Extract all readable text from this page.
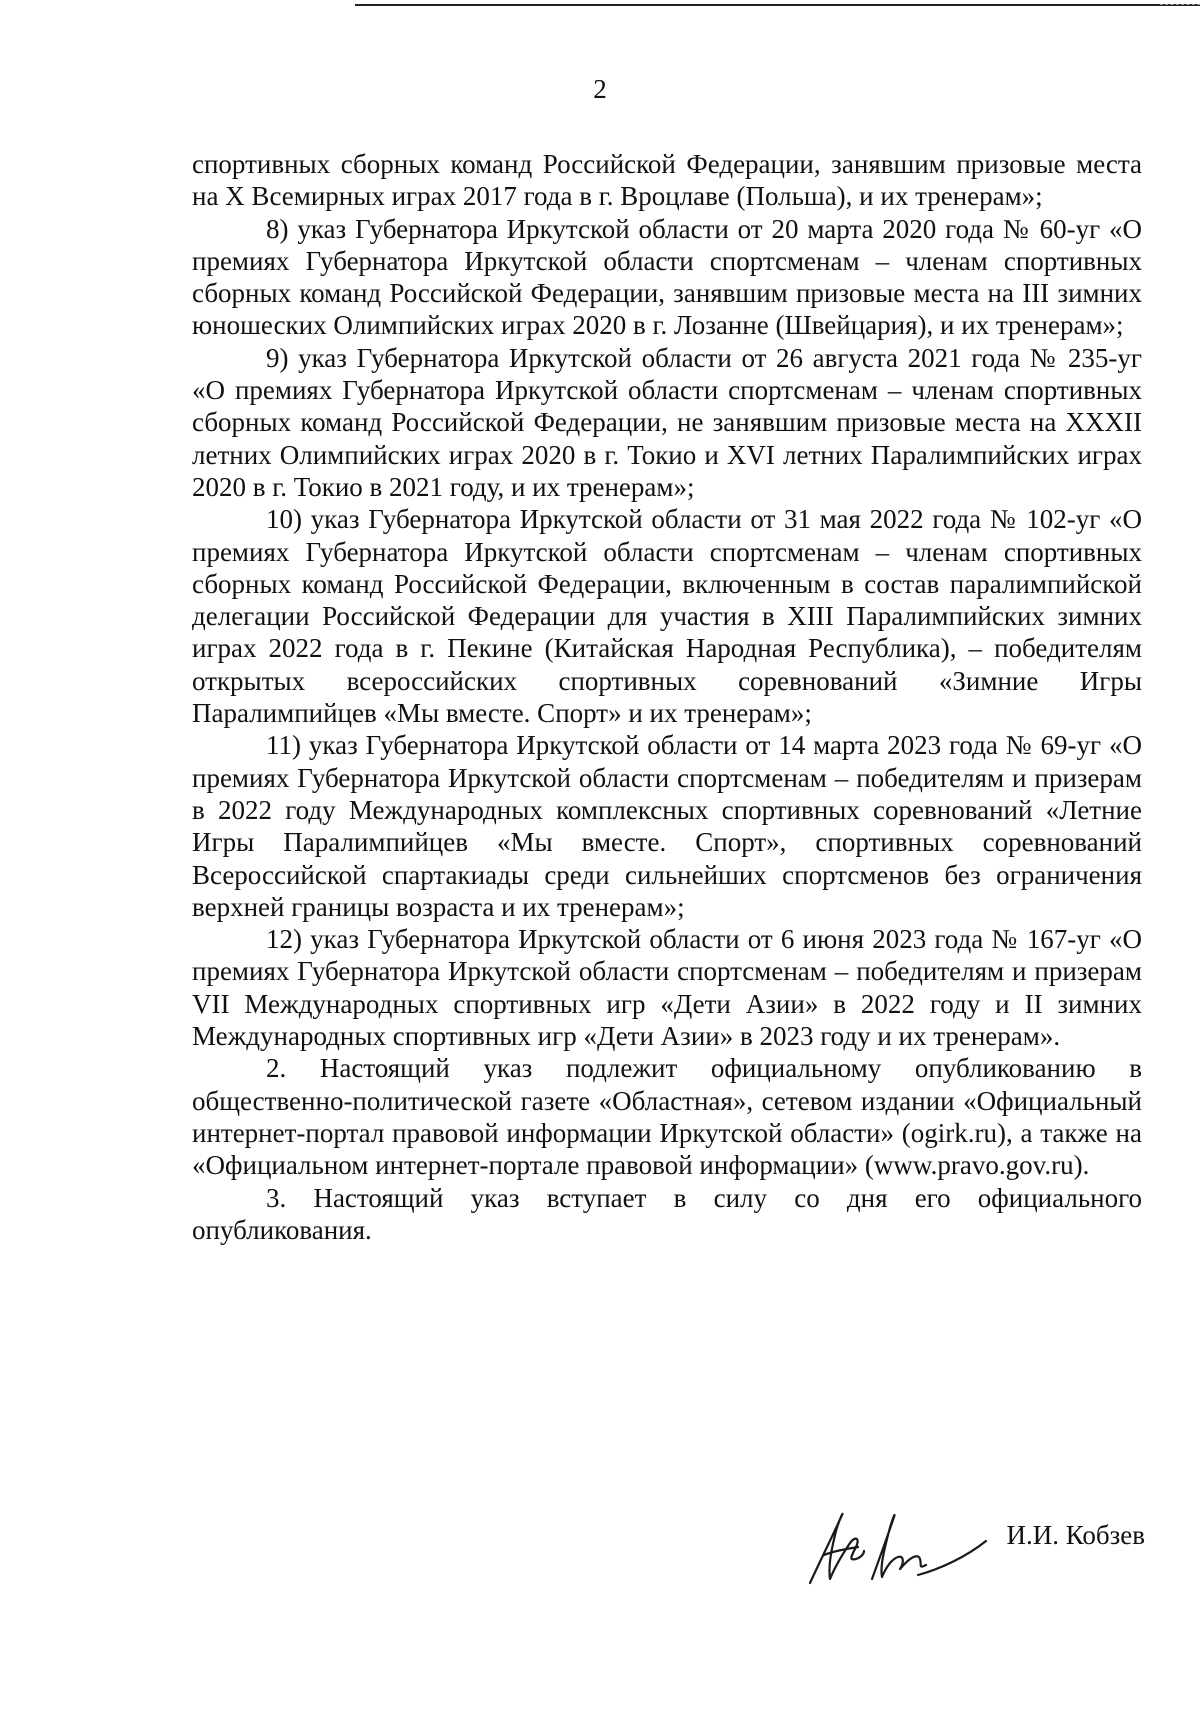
2

спортивных сборных команд Российской Федерации, занявшим призовые места на X Всемирных играх 2017 года в г. Вроцлаве (Польша), и их тренерам»;

8) указ Губернатора Иркутской области от 20 марта 2020 года № 60-уг «О премиях Губернатора Иркутской области спортсменам – членам спортивных сборных команд Российской Федерации, занявшим призовые места на III зимних юношеских Олимпийских играх 2020 в г. Лозанне (Швейцария), и их тренерам»;

9) указ Губернатора Иркутской области от 26 августа 2021 года № 235-уг «О премиях Губернатора Иркутской области спортсменам – членам спортивных сборных команд Российской Федерации, не занявшим призовые места на XXXII летних Олимпийских играх 2020 в г. Токио и XVI летних Паралимпийских играх 2020 в г. Токио в 2021 году, и их тренерам»;

10) указ Губернатора Иркутской области от 31 мая 2022 года № 102-уг «О премиях Губернатора Иркутской области спортсменам – членам спортивных сборных команд Российской Федерации, включенным в состав паралимпийской делегации Российской Федерации для участия в XIII Паралимпийских зимних играх 2022 года в г. Пекине (Китайская Народная Республика), – победителям открытых всероссийских спортивных соревнований «Зимние Игры Паралимпийцев «Мы вместе. Спорт» и их тренерам»;

11) указ Губернатора Иркутской области от 14 марта 2023 года № 69-уг «О премиях Губернатора Иркутской области спортсменам – победителям и призерам в 2022 году Международных комплексных спортивных соревнований «Летние Игры Паралимпийцев «Мы вместе. Спорт», спортивных соревнований Всероссийской спартакиады среди сильнейших спортсменов без ограничения верхней границы возраста и их тренерам»;

12) указ Губернатора Иркутской области от 6 июня 2023 года № 167-уг «О премиях Губернатора Иркутской области спортсменам – победителям и призерам VII Международных спортивных игр «Дети Азии» в 2022 году и II зимних Международных спортивных игр «Дети Азии» в 2023 году и их тренерам».

2. Настоящий указ подлежит официальному опубликованию в общественно-политической газете «Областная», сетевом издании «Официальный интернет-портал правовой информации Иркутской области» (ogirk.ru), а также на «Официальном интернет-портале правовой информации» (www.pravo.gov.ru).

3. Настоящий указ вступает в силу со дня его официального опубликования.

И.И. Кобзев
